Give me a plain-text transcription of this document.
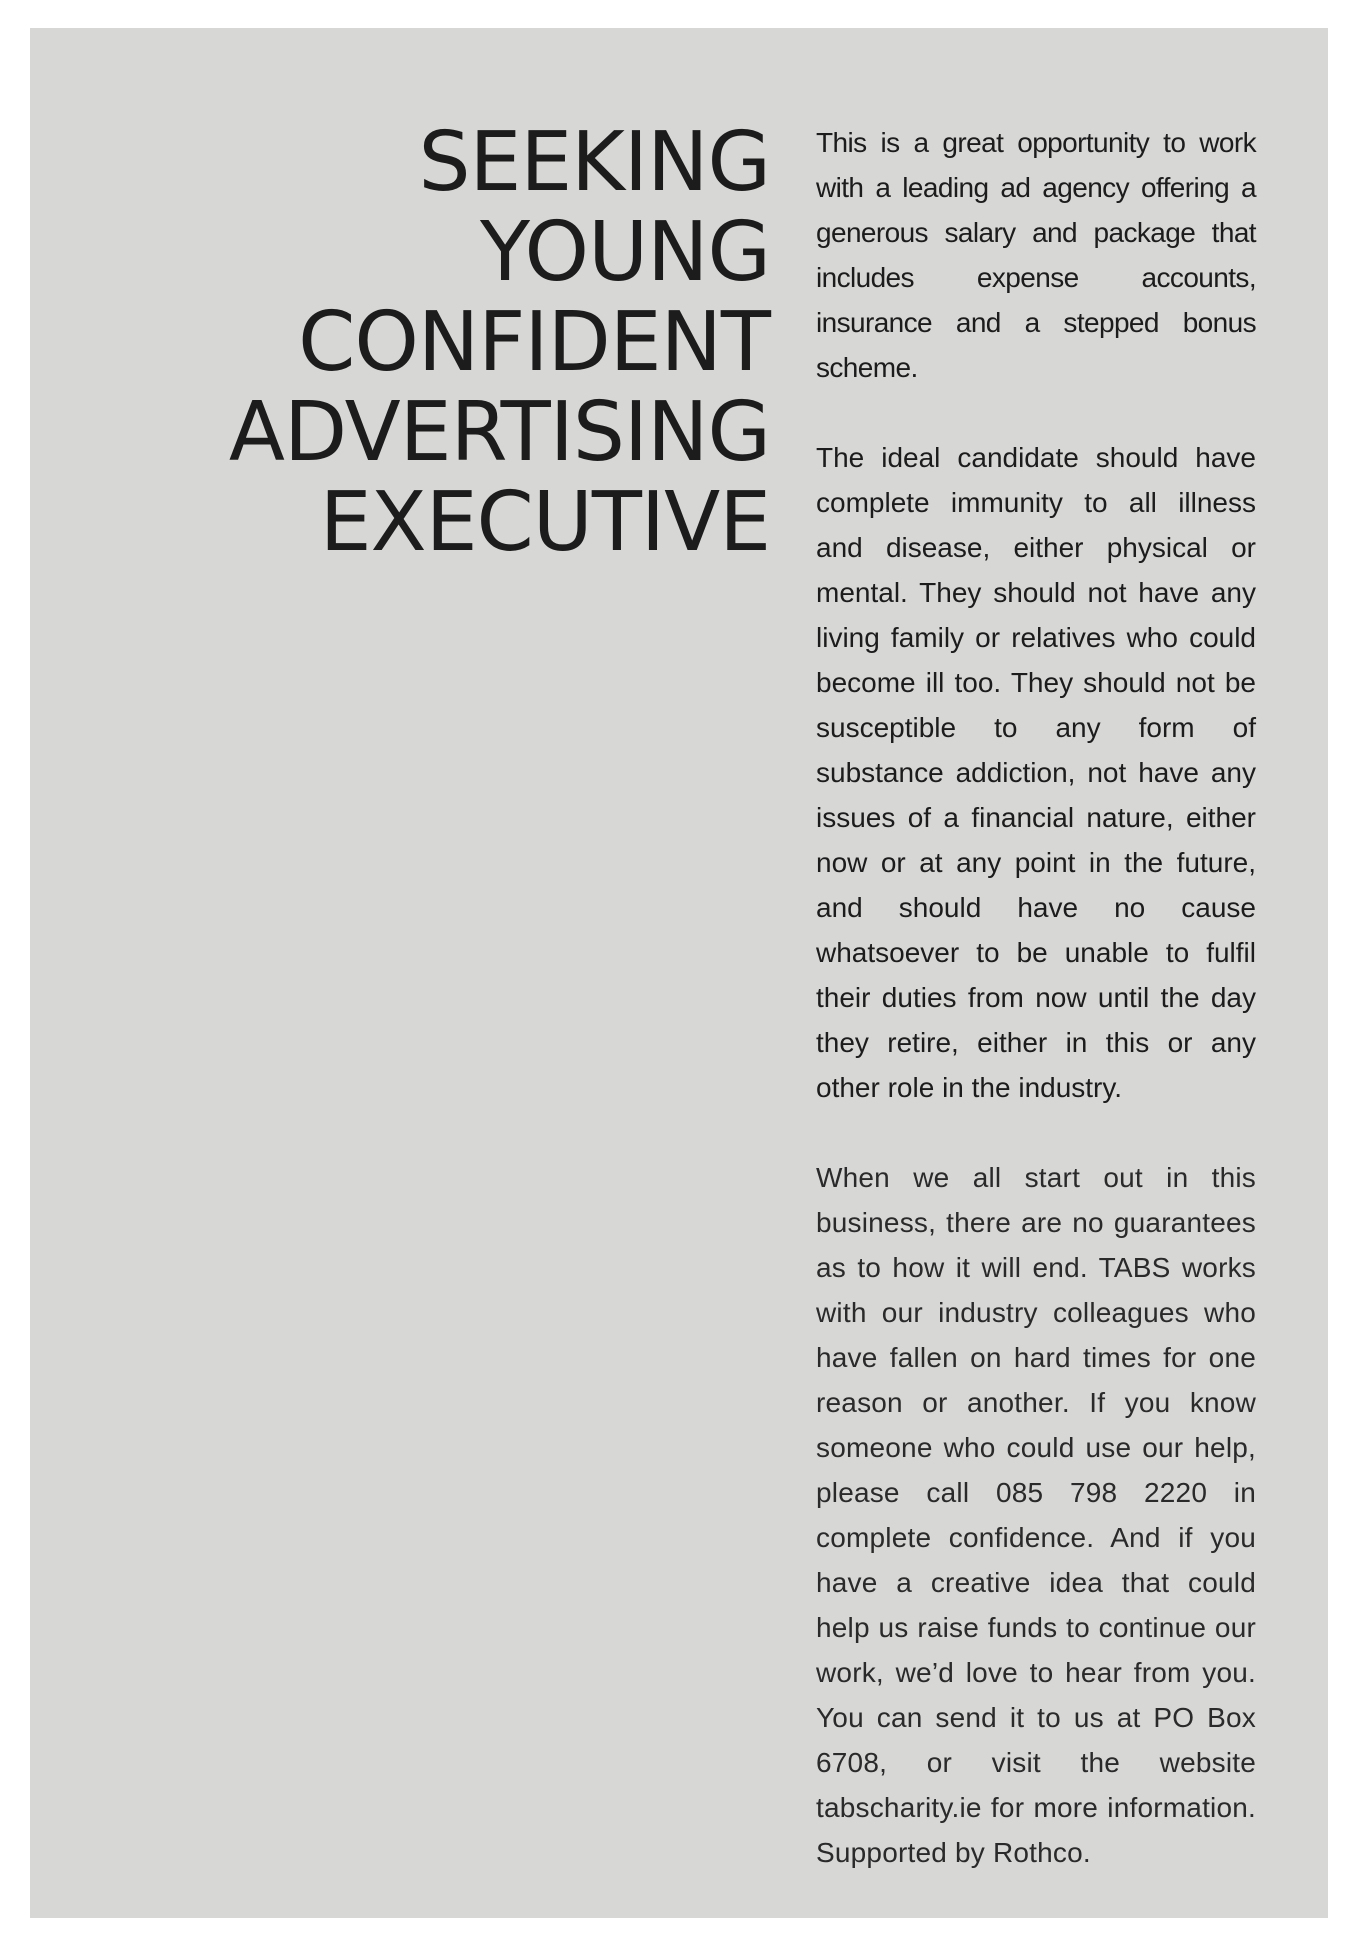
SEEKING
YOUNG
CONFIDENT
ADVERTISING
EXECUTIVE

This is a great opportunity to work with a leading ad agency offering a generous salary and package that includes expense accounts, insurance and a stepped bonus scheme.

The ideal candidate should have complete immunity to all illness and disease, either physical or mental. They should not have any living family or relatives who could become ill too. They should not be susceptible to any form of substance addiction, not have any issues of a financial nature, either now or at any point in the future, and should have no cause whatsoever to be unable to fulfil their duties from now until the day they retire, either in this or any other role in the industry.

When we all start out in this business, there are no guarantees as to how it will end. TABS works with our industry colleagues who have fallen on hard times for one reason or another. If you know someone who could use our help, please call 085 798 2220 in complete confidence. And if you have a creative idea that could help us raise funds to continue our work, we’d love to hear from you. You can send it to us at PO Box 6708, or visit the website tabscharity.ie for more information. Supported by Rothco.
